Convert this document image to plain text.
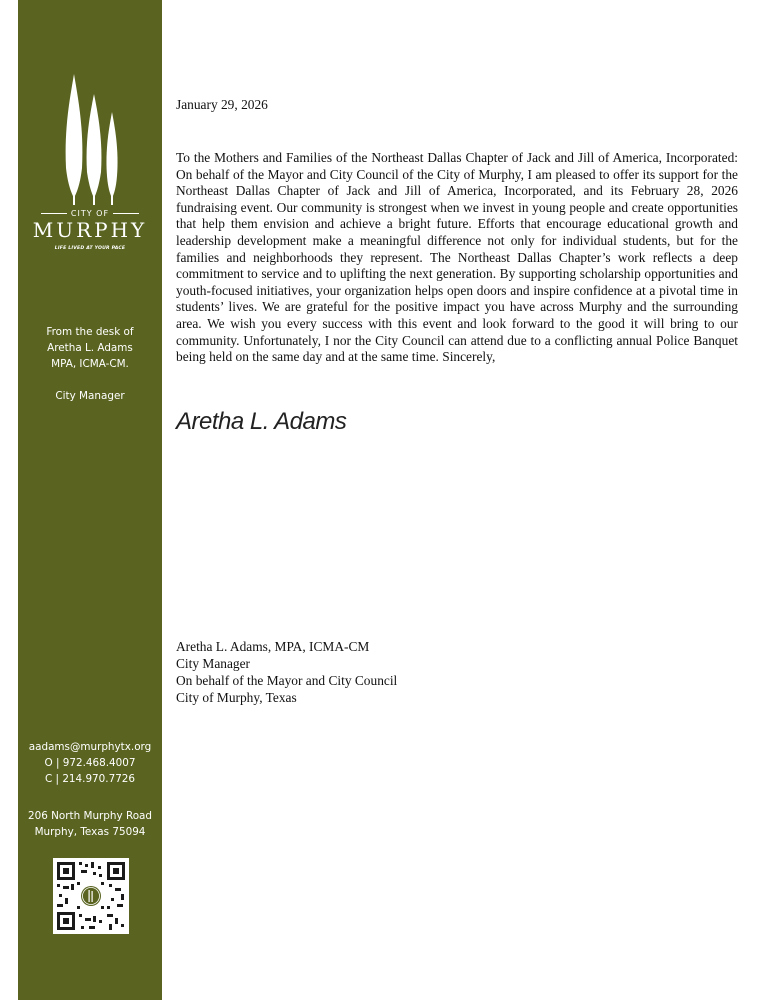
CITY OF
MURPHY
LIFE LIVED AT YOUR PACE
From the desk of
Aretha L. Adams
MPA, ICMA-CM.
City Manager
aadams@murphytx.org
O | 972.468.4007
C | 214.970.7726
206 North Murphy Road
Murphy, Texas 75094
January 29, 2026
To the Mothers and Families of the Northeast Dallas Chapter of Jack and Jill of America, Incorporated: On behalf of the Mayor and City Council of the City of Murphy, I am pleased to offer its support for the Northeast Dallas Chapter of Jack and Jill of America, Incorporated, and its February 28, 2026 fundraising event. Our community is strongest when we invest in young people and create opportunities that help them envision and achieve a bright future. Efforts that encourage educational growth and leadership development make a meaningful difference not only for individual students, but for the families and neighborhoods they represent. The Northeast Dallas Chapter’s work reflects a deep commitment to service and to uplifting the next generation. By supporting scholarship opportunities and youth-focused initiatives, your organization helps open doors and inspire confidence at a pivotal time in students’ lives. We are grateful for the positive impact you have across Murphy and the surrounding area. We wish you every success with this event and look forward to the good it will bring to our community. Unfortunately, I nor the City Council can attend due to a conflicting annual Police Banquet being held on the same day and at the same time. Sincerely,
Aretha L. Adams
Aretha L. Adams, MPA, ICMA-CM
City Manager
On behalf of the Mayor and City Council
City of Murphy, Texas
